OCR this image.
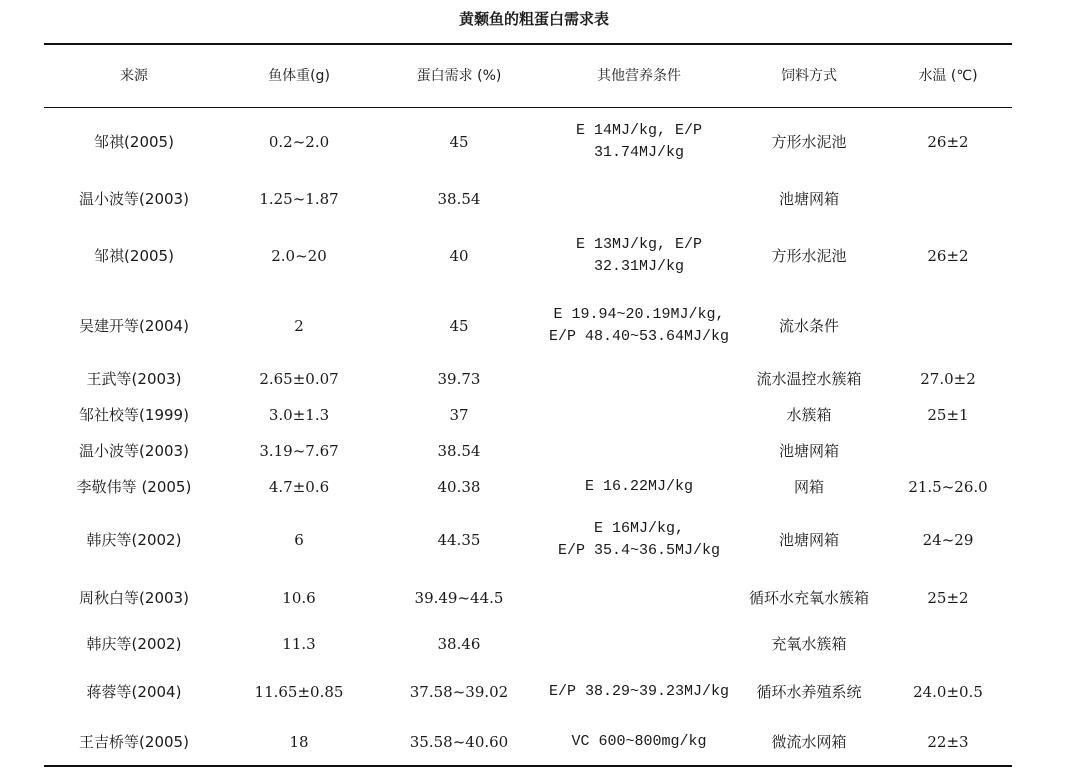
黄颡鱼的粗蛋白需求表
来源	鱼体重(g)	蛋白需求 (%)	其他营养条件	饲料方式	水温 (℃)
邹祺(2005)	0.2~2.0	45	E 14MJ/kg, E/P
31.74MJ/kg	方形水泥池	26±2
温小波等(2003)	1.25~1.87	38.54		池塘网箱	
邹祺(2005)	2.0~20	40	E 13MJ/kg, E/P
32.31MJ/kg	方形水泥池	26±2
吴建开等(2004)	2	45	E 19.94~20.19MJ/kg,
E/P 48.40~53.64MJ/kg	流水条件	
王武等(2003)	2.65±0.07	39.73		流水温控水簇箱	27.0±2
邹社校等(1999)	3.0±1.3	37		水簇箱	25±1
温小波等(2003)	3.19~7.67	38.54		池塘网箱	
李敬伟等 (2005)	4.7±0.6	40.38	E 16.22MJ/kg	网箱	21.5~26.0
韩庆等(2002)	6	44.35	E 16MJ/kg,
E/P 35.4~36.5MJ/kg	池塘网箱	24~29
周秋白等(2003)	10.6	39.49~44.5		循环水充氧水簇箱	25±2
韩庆等(2002)	11.3	38.46		充氧水簇箱	
蒋蓉等(2004)	11.65±0.85	37.58~39.02	E/P 38.29~39.23MJ/kg	循环水养殖系统	24.0±0.5
王吉桥等(2005)	18	35.58~40.60	VC 600~800mg/kg	微流水网箱	22±3
